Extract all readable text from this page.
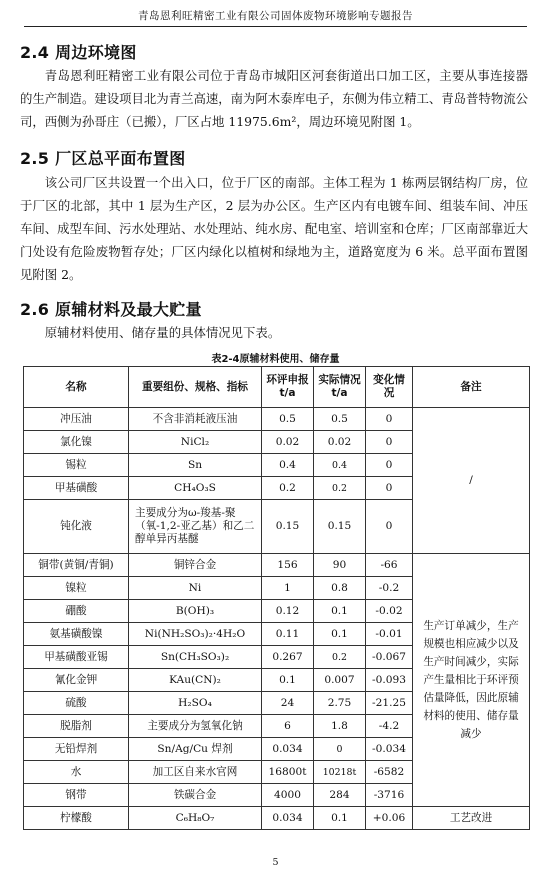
青岛恩利旺精密工业有限公司固体废物环境影响专题报告
2.4 周边环境图

青岛恩利旺精密工业有限公司位于青岛市城阳区河套街道出口加工区，主要从事连接器的生产制造。建设项目北为青兰高速，南为阿木泰库电子，东侧为伟立精工、青岛普特物流公司，西侧为孙哥庄（已搬），厂区占地 11975.6m²，周边环境见附图 1。

2.5 厂区总平面布置图

该公司厂区共设置一个出入口，位于厂区的南部。主体工程为 1 栋两层钢结构厂房，位于厂区的北部，其中 1 层为生产区，2 层为办公区。生产区内有电镀车间、组装车间、冲压车间、成型车间、污水处理站、水处理站、纯水房、配电室、培训室和仓库；厂区南部靠近大门处设有危险废物暂存处；厂区内绿化以植树和绿地为主，道路宽度为 6 米。总平面布置图见附图 2。

2.6 原辅材料及最大贮量

原辅材料使用、储存量的具体情况见下表。

表2-4原辅材料使用、储存量
名称	重要组份、规格、指标	环评申报t/a	实际情况 t/a	变化情况	备注
冲压油	不含非消耗液压油	0.5	0.5	0	/
氯化镍	NiCl₂	0.02	0.02	0	
锡粒	Sn	0.4	0.4	0	
甲基磺酸	CH₄O₃S	0.2	0.2	0	
钝化液	主要成分为ω-羧基-聚（氧-1,2-亚乙基）和乙二醇单异丙基醚	0.15	0.15	0	
铜带(黄铜/青铜)	铜锌合金	156	90	-66	生产订单减少，生产规模也相应减少以及生产时间减少，实际产生量相比于环评预估量降低，因此原辅材料的使用、储存量减少
镍粒	Ni	1	0.8	-0.2	
硼酸	B(OH)₃	0.12	0.1	-0.02	
氨基磺酸镍	Ni(NH₂SO₃)₂·4H₂O	0.11	0.1	-0.01	
甲基磺酸亚锡	Sn(CH₃SO₃)₂	0.267	0.2	-0.067	
氰化金钾	KAu(CN)₂	0.1	0.007	-0.093	
硫酸	H₂SO₄	24	2.75	-21.25	
脱脂剂	主要成分为氢氧化钠	6	1.8	-4.2	
无铅焊剂	Sn/Ag/Cu 焊剂	0.034	0	-0.034	
水	加工区自来水官网	16800t	10218t	-6582	
钢带	铁碳合金	4000	284	-3716	
柠檬酸	C₆H₈O₇	0.034	0.1	+0.06	工艺改进
5
